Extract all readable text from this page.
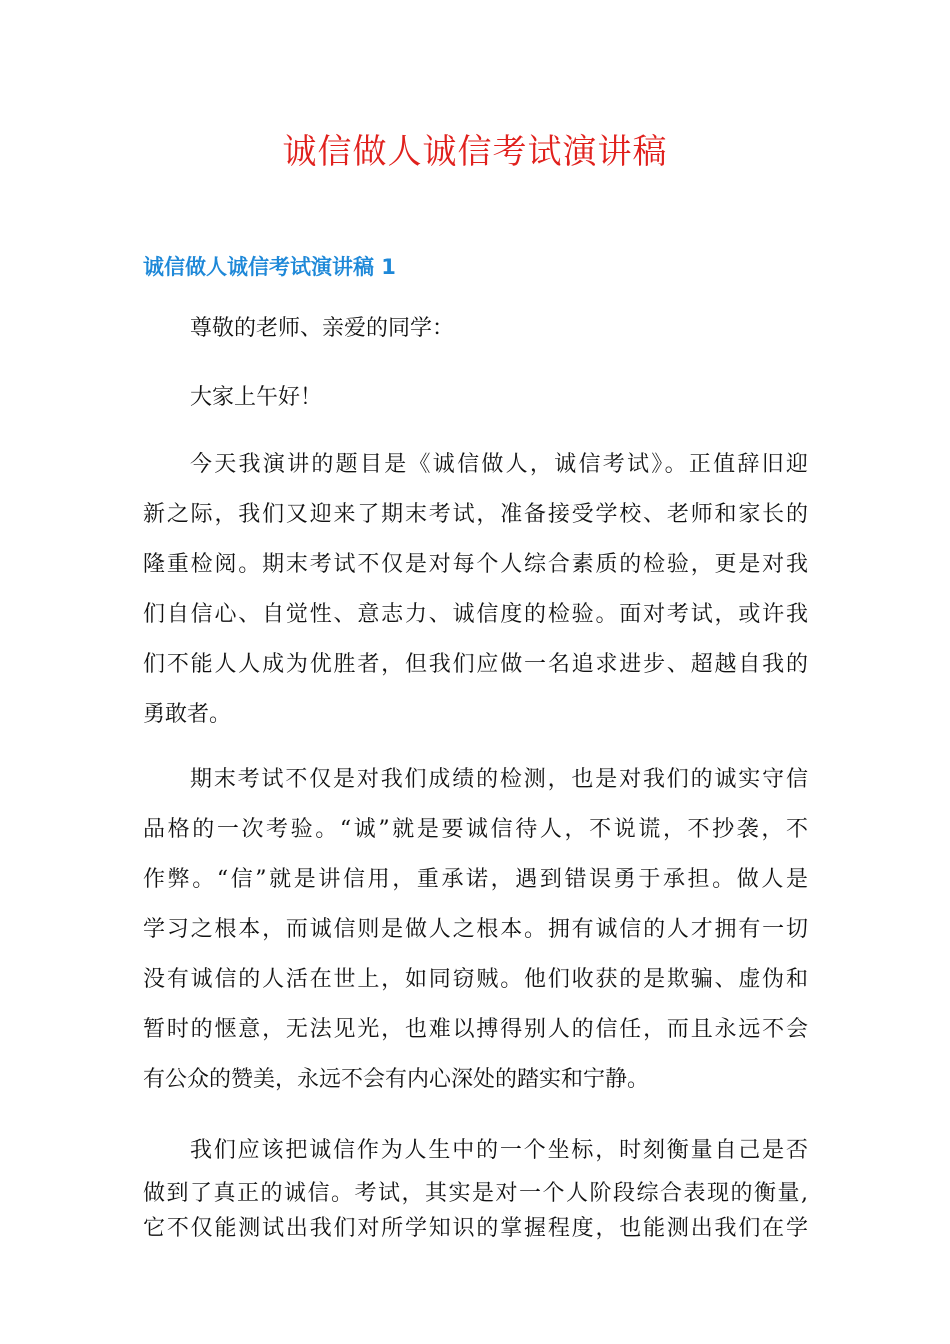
诚信做人诚信考试演讲稿
诚信做人诚信考试演讲稿 1
尊敬的老师、亲爱的同学：
大家上午好！
今天我演讲的题目是《诚信做人，诚信考试》。正值辞旧迎
新之际，我们又迎来了期末考试，准备接受学校、老师和家长的
隆重检阅。期末考试不仅是对每个人综合素质的检验，更是对我
们自信心、自觉性、意志力、诚信度的检验。面对考试，或许我
们不能人人成为优胜者，但我们应做一名追求进步、超越自我的
勇敢者。
期末考试不仅是对我们成绩的检测，也是对我们的诚实守信
品格的一次考验。“诚”就是要诚信待人，不说谎，不抄袭，不
作弊。“信”就是讲信用，重承诺，遇到错误勇于承担。做人是
学习之根本，而诚信则是做人之根本。拥有诚信的人才拥有一切
没有诚信的人活在世上，如同窃贼。他们收获的是欺骗、虚伪和
暂时的惬意，无法见光，也难以搏得别人的信任，而且永远不会
有公众的赞美，永远不会有内心深处的踏实和宁静。
我们应该把诚信作为人生中的一个坐标，时刻衡量自己是否
做到了真正的诚信。考试，其实是对一个人阶段综合表现的衡量,
它不仅能测试出我们对所学知识的掌握程度，也能测出我们在学
